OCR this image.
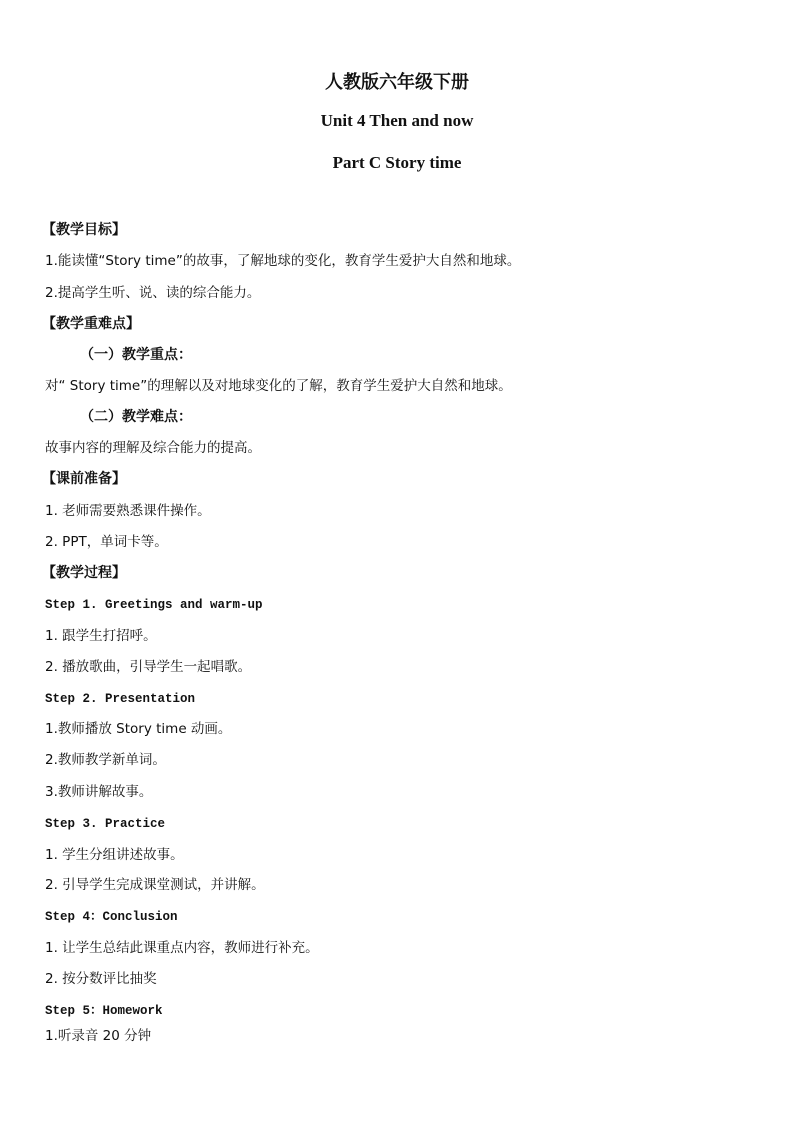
人教版六年级下册
Unit 4 Then and now
Part C Story time
【教学目标】
1.能读懂“Story time”的故事，了解地球的变化，教育学生爱护大自然和地球。
2.提高学生听、说、读的综合能力。
【教学重难点】
（一）教学重点：
对“ Story time”的理解以及对地球变化的了解，教育学生爱护大自然和地球。
（二）教学难点：
故事内容的理解及综合能力的提高。
【课前准备】
1. 老师需要熟悉课件操作。
2. PPT，单词卡等。
【教学过程】
Step 1. Greetings and warm-up
1. 跟学生打招呼。
2. 播放歌曲，引导学生一起唱歌。
Step 2. Presentation
1.教师播放 Story time 动画。
2.教师教学新单词。
3.教师讲解故事。
Step 3. Practice
1. 学生分组讲述故事。
2. 引导学生完成课堂测试，并讲解。
Step 4：Conclusion
1. 让学生总结此课重点内容，教师进行补充。
2. 按分数评比抽奖
Step 5：Homework
1.听录音 20 分钟
